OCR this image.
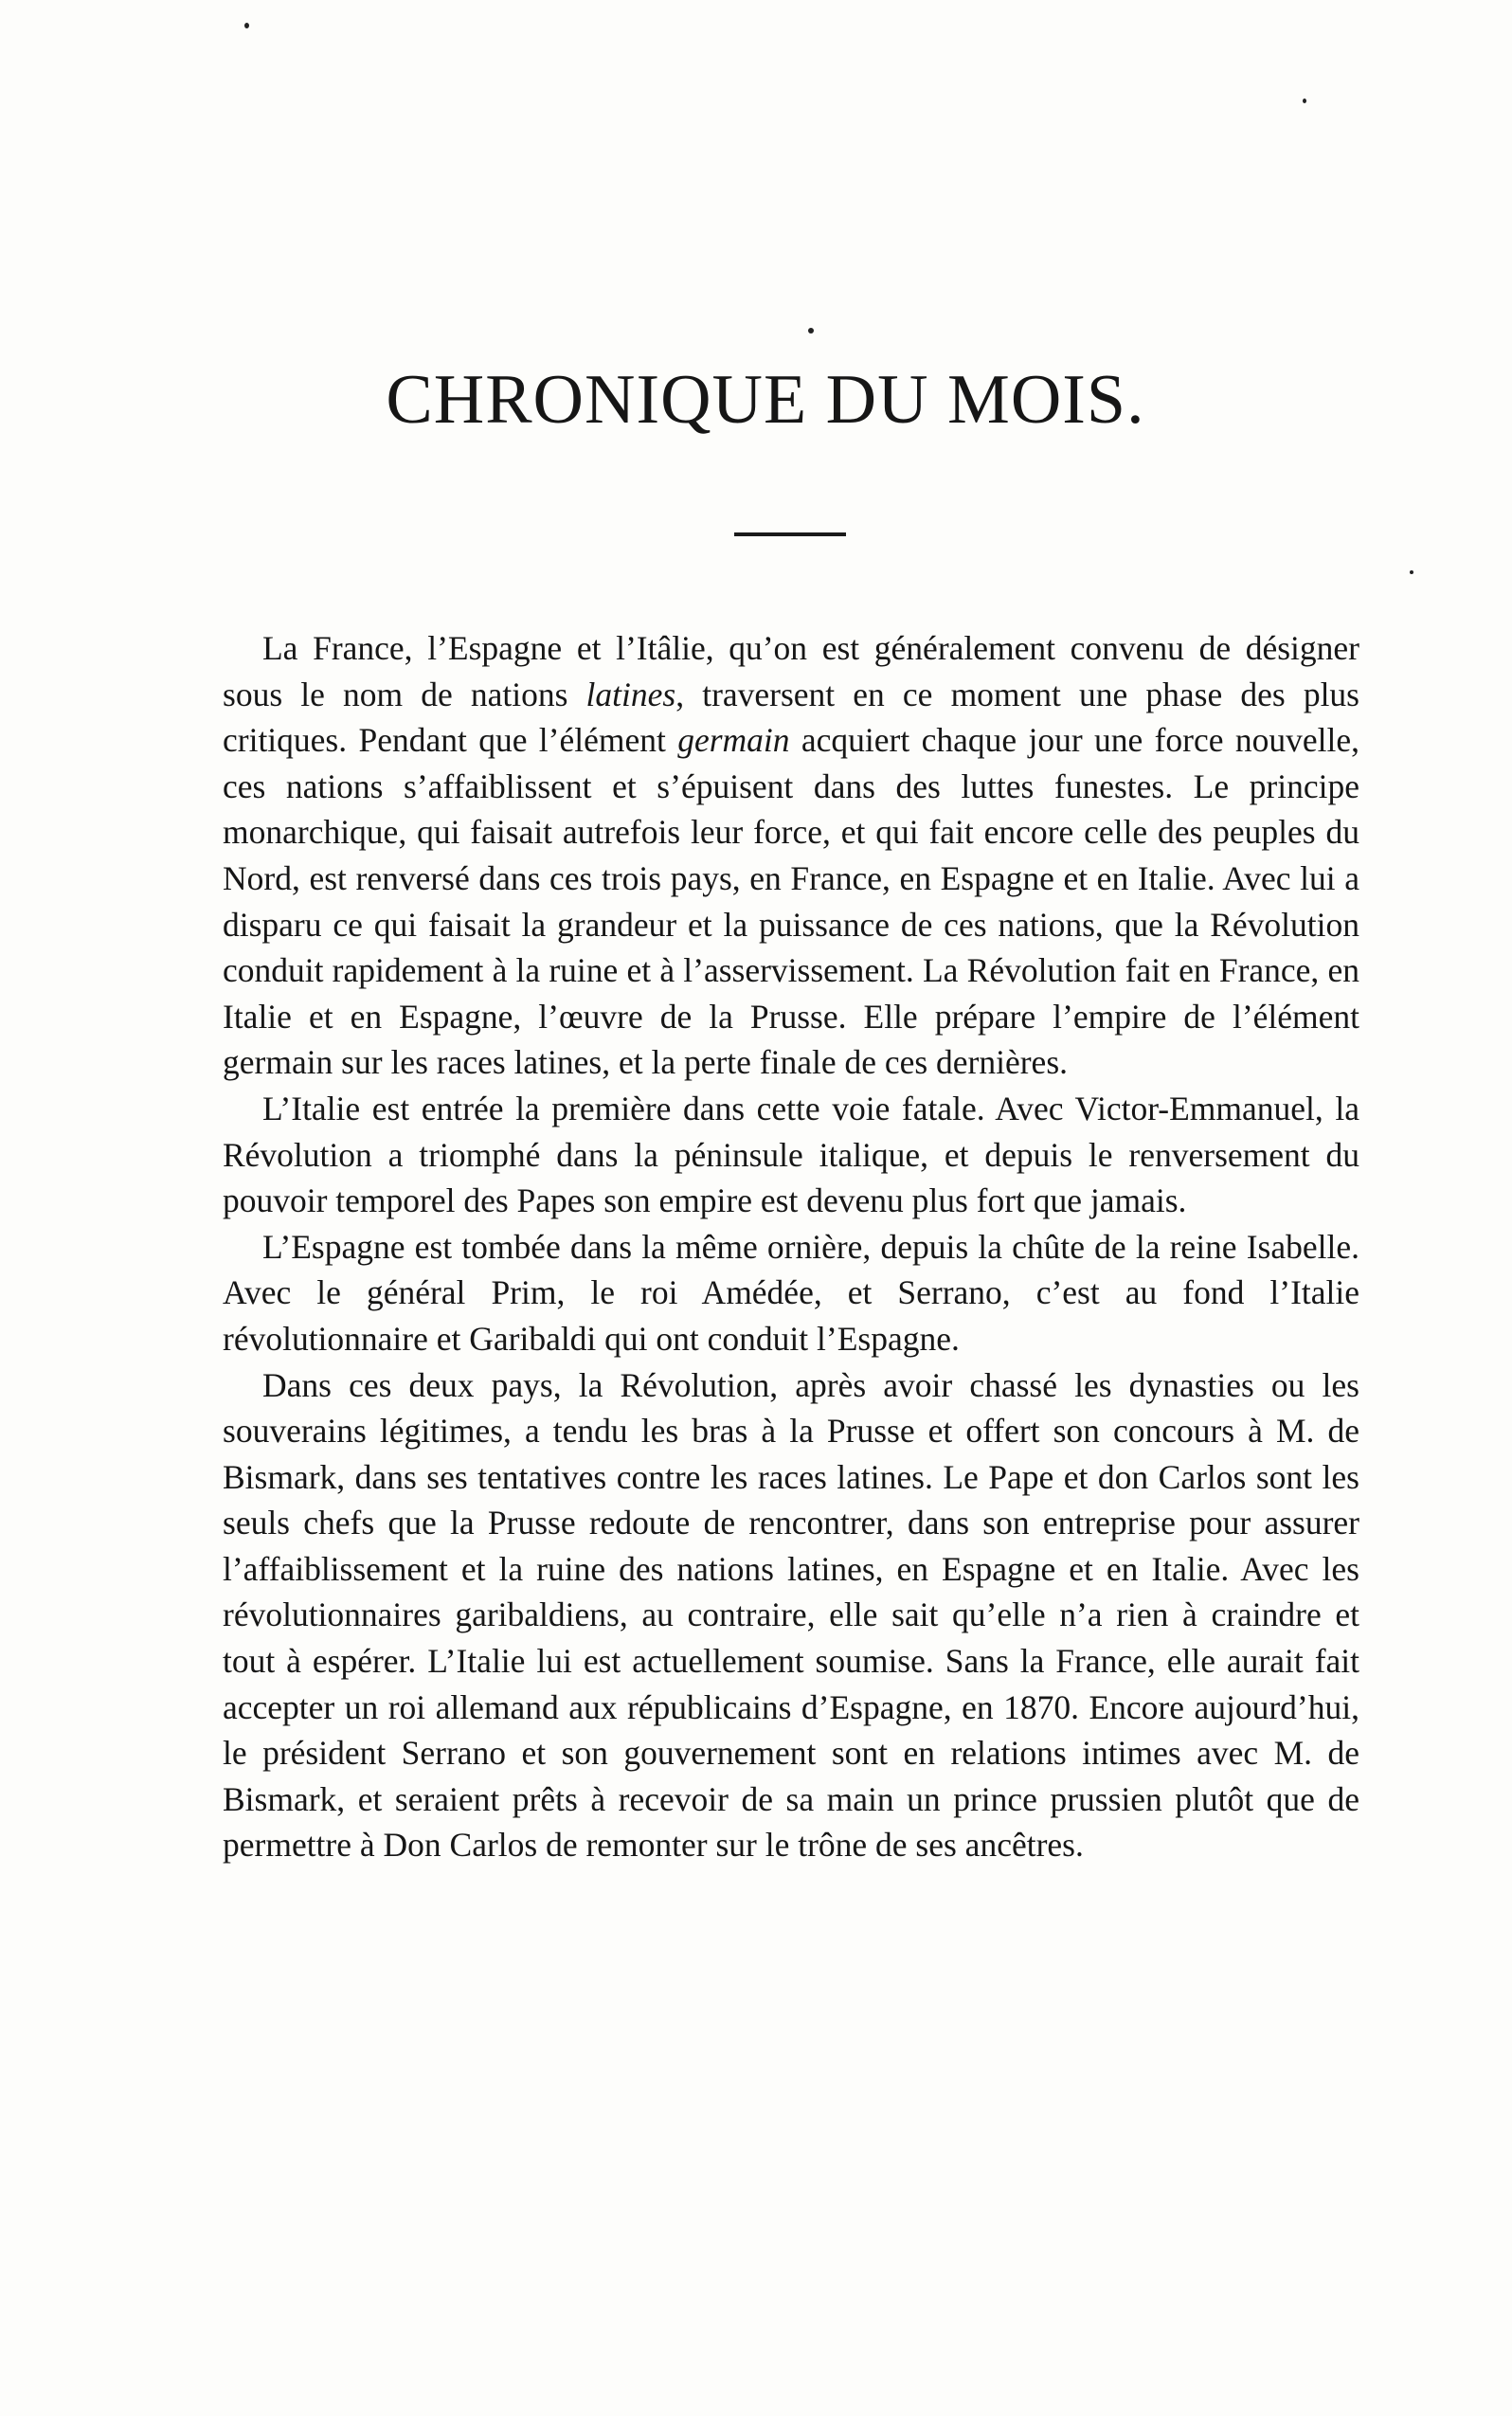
CHRONIQUE DU MOIS.

La France, l’Espagne et l’Itâlie, qu’on est généralement convenu de désigner sous le nom de nations latines, traversent en ce moment une phase des plus critiques. Pendant que l’élément germain acquiert chaque jour une force nouvelle, ces nations s’affaiblissent et s’épuisent dans des luttes funestes. Le principe monarchique, qui faisait autrefois leur force, et qui fait encore celle des peuples du Nord, est renversé dans ces trois pays, en France, en Espagne et en Italie. Avec lui a disparu ce qui faisait la grandeur et la puissance de ces nations, que la Révolution conduit rapidement à la ruine et à l’asservissement. La Révolution fait en France, en Italie et en Espagne, l’œuvre de la Prusse. Elle prépare l’empire de l’élément germain sur les races latines, et la perte finale de ces dernières.

L’Italie est entrée la première dans cette voie fatale. Avec Victor-Emmanuel, la Révolution a triomphé dans la péninsule italique, et depuis le renversement du pouvoir temporel des Papes son empire est devenu plus fort que jamais.

L’Espagne est tombée dans la même ornière, depuis la chûte de la reine Isabelle. Avec le général Prim, le roi Amédée, et Serrano, c’est au fond l’Italie révolutionnaire et Garibaldi qui ont conduit l’Espagne.

Dans ces deux pays, la Révolution, après avoir chassé les dynasties ou les souverains légitimes, a tendu les bras à la Prusse et offert son concours à M. de Bismark, dans ses tentatives contre les races latines. Le Pape et don Carlos sont les seuls chefs que la Prusse redoute de rencontrer, dans son entreprise pour assurer l’affaiblissement et la ruine des nations latines, en Espagne et en Italie. Avec les révolutionnaires garibaldiens, au contraire, elle sait qu’elle n’a rien à craindre et tout à espérer. L’Italie lui est actuellement soumise. Sans la France, elle aurait fait accepter un roi allemand aux républicains d’Espagne, en 1870. Encore aujourd’hui, le président Serrano et son gouvernement sont en relations intimes avec M. de Bismark, et seraient prêts à recevoir de sa main un prince prussien plutôt que de permettre à Don Carlos de remonter sur le trône de ses ancêtres.
